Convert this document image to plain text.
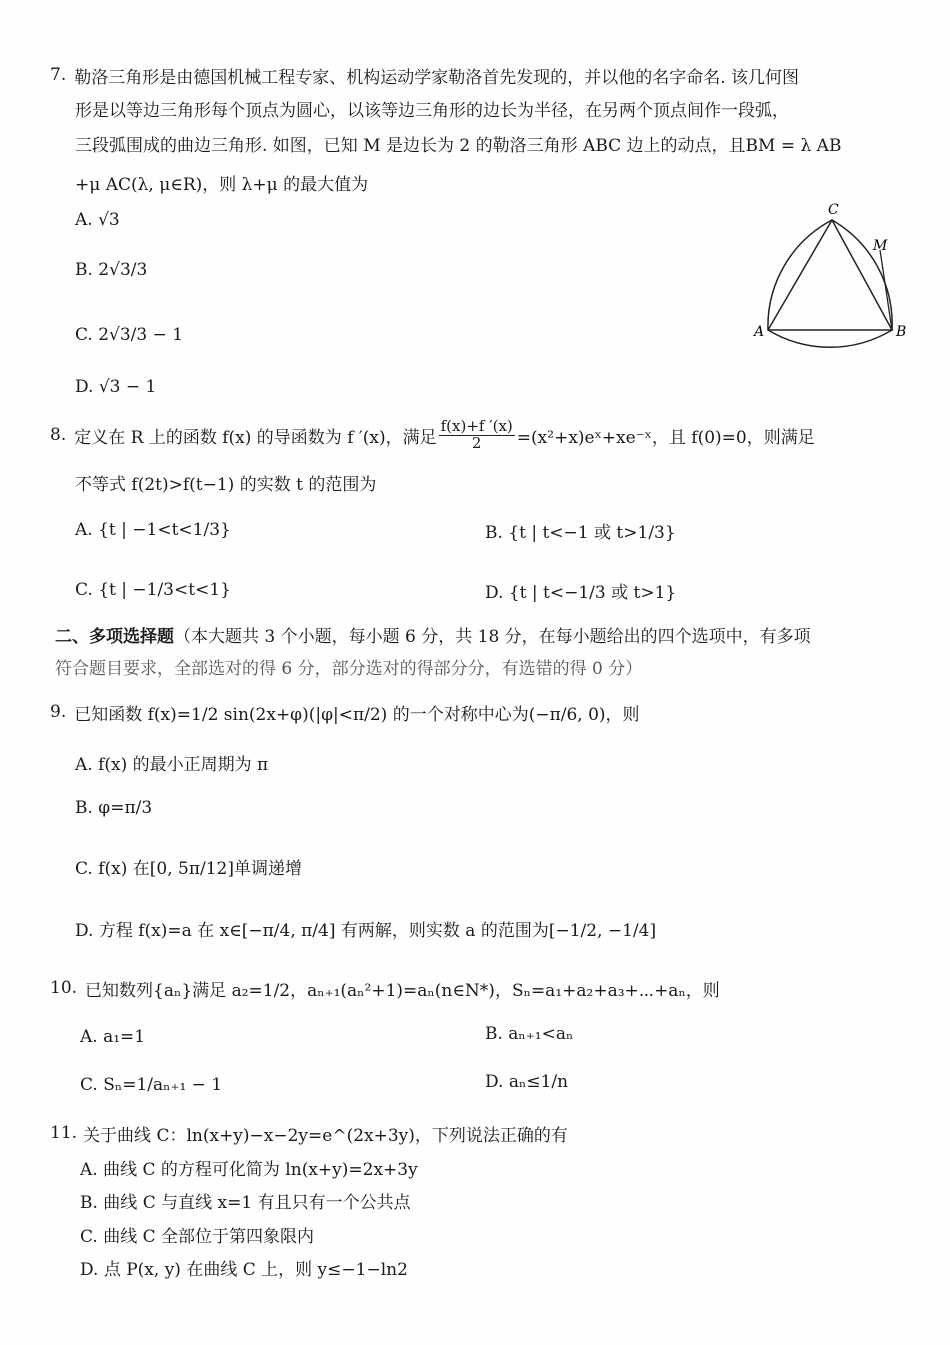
7. 勒洛三角形是由德国机械工程专家、机构运动学家勒洛首先发现的，并以他的名字命名. 该几何图
形是以等边三角形每个顶点为圆心，以该等边三角形的边长为半径，在另两个顶点间作一段弧，
三段弧围成的曲边三角形. 如图，已知 M 是边长为 2 的勒洛三角形 ABC 边上的动点，且BM = λ AB
+μ AC(λ, μ∈R)，则 λ+μ 的最大值为
A. √3
B. 2√3/3
C. 2√3/3 − 1
D. √3 − 1
C
M
A	B
8. 定义在 R 上的函数 f(x) 的导函数为 f ′(x)，满足 $\frac{f(x)+f '(x)}{2}$ =(x²+x)eˣ+xe⁻ˣ，且 f(0)=0，则满足
不等式 f(2t)>f(t−1) 的实数 t 的范围为
A. {t | −1<t<1/3}	B. {t | t<−1 或 t>1/3}
C. {t | −1/3<t<1}	D. {t | t<−1/3 或 t>1}
二、多项选择题 （本大题共 3 个小题，每小题 6 分，共 18 分，在每小题给出的四个选项中，有多项
符合题目要求，全部选对的得 6 分，部分选对的得部分分，有选错的得 0 分）
9. 已知函数 f(x)=1/2 sin(2x+φ)(|φ|<π/2) 的一个对称中心为(−π/6, 0)，则
A. f(x) 的最小正周期为 π
B. φ=π/3
C. f(x) 在[0, 5π/12]单调递增
D. 方程 f(x)=a 在 x∈[−π/4, π/4] 有两解，则实数 a 的范围为[−1/2, −1/4]
10. 已知数列{aₙ}满足 a₂=1/2，aₙ₊₁(aₙ²+1)=aₙ(n∈N*)，Sₙ=a₁+a₂+a₃+⋯+aₙ，则
A. a₁=1	B. aₙ₊₁<aₙ
C. Sₙ=1/aₙ₊₁ − 1	D. aₙ≤1/n
11. 关于曲线 C：ln(x+y)−x−2y=e^(2x+3y)，下列说法正确的有
A. 曲线 C 的方程可化简为 ln(x+y)=2x+3y
B. 曲线 C 与直线 x=1 有且只有一个公共点
C. 曲线 C 全部位于第四象限内
D. 点 P(x, y) 在曲线 C 上，则 y≤−1−ln2
